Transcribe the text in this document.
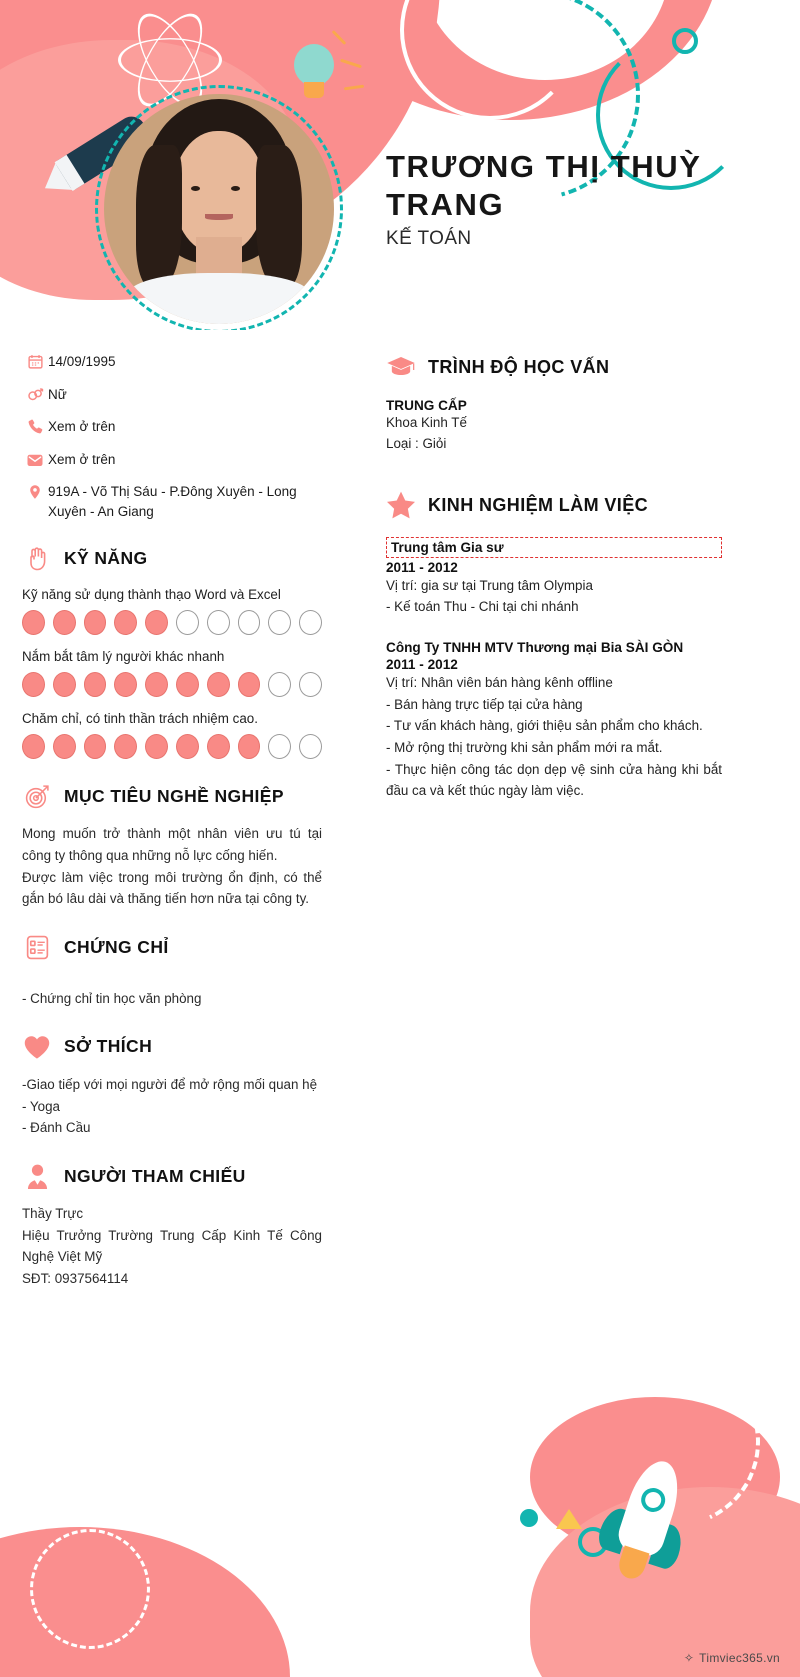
TRƯƠNG THỊ THUỲ TRANG
KẾ TOÁN
14/09/1995
Nữ
Xem ở trên
Xem ở trên
919A - Võ Thị Sáu - P.Đông Xuyên - Long Xuyên - An Giang
KỸ NĂNG
Kỹ năng sử dụng thành thạo Word và Excel
Nắm bắt tâm lý người khác nhanh
Chăm chỉ, có tinh thần trách nhiệm cao.
MỤC TIÊU NGHỀ NGHIỆP
Mong muốn trở thành một nhân viên ưu tú tại công ty thông qua những nỗ lực cống hiến.
Được làm việc trong môi trường ổn định, có thể gắn bó lâu dài và thăng tiến hơn nữa tại công ty.
CHỨNG CHỈ
- Chứng chỉ tin học văn phòng
SỞ THÍCH
-Giao tiếp với mọi người để mở rộng mối quan hệ
- Yoga
- Đánh Cầu
NGƯỜI THAM CHIẾU
Thầy Trực
Hiệu Trưởng Trường Trung Cấp Kinh Tế Công Nghệ Việt Mỹ
SĐT: 0937564114
TRÌNH ĐỘ HỌC VẤN
TRUNG CẤP
Khoa Kinh Tế
Loại : Giỏi
KINH NGHIỆM LÀM VIỆC
Trung tâm Gia sư
2011 - 2012
Vị trí: gia sư tại Trung tâm Olympia
- Kế toán Thu - Chi tại chi nhánh
Công Ty TNHH MTV Thương mại Bia SÀI GÒN
2011 - 2012
Vị trí: Nhân viên bán hàng kênh offline
- Bán hàng trực tiếp tại cửa hàng
- Tư vấn khách hàng, giới thiệu sản phẩm cho khách.
- Mở rộng thị trường khi sản phẩm mới ra mắt.
- Thực hiện công tác dọn dẹp vệ sinh cửa hàng khi bắt đầu ca và kết thúc ngày làm việc.
✧ Timviec365.vn
